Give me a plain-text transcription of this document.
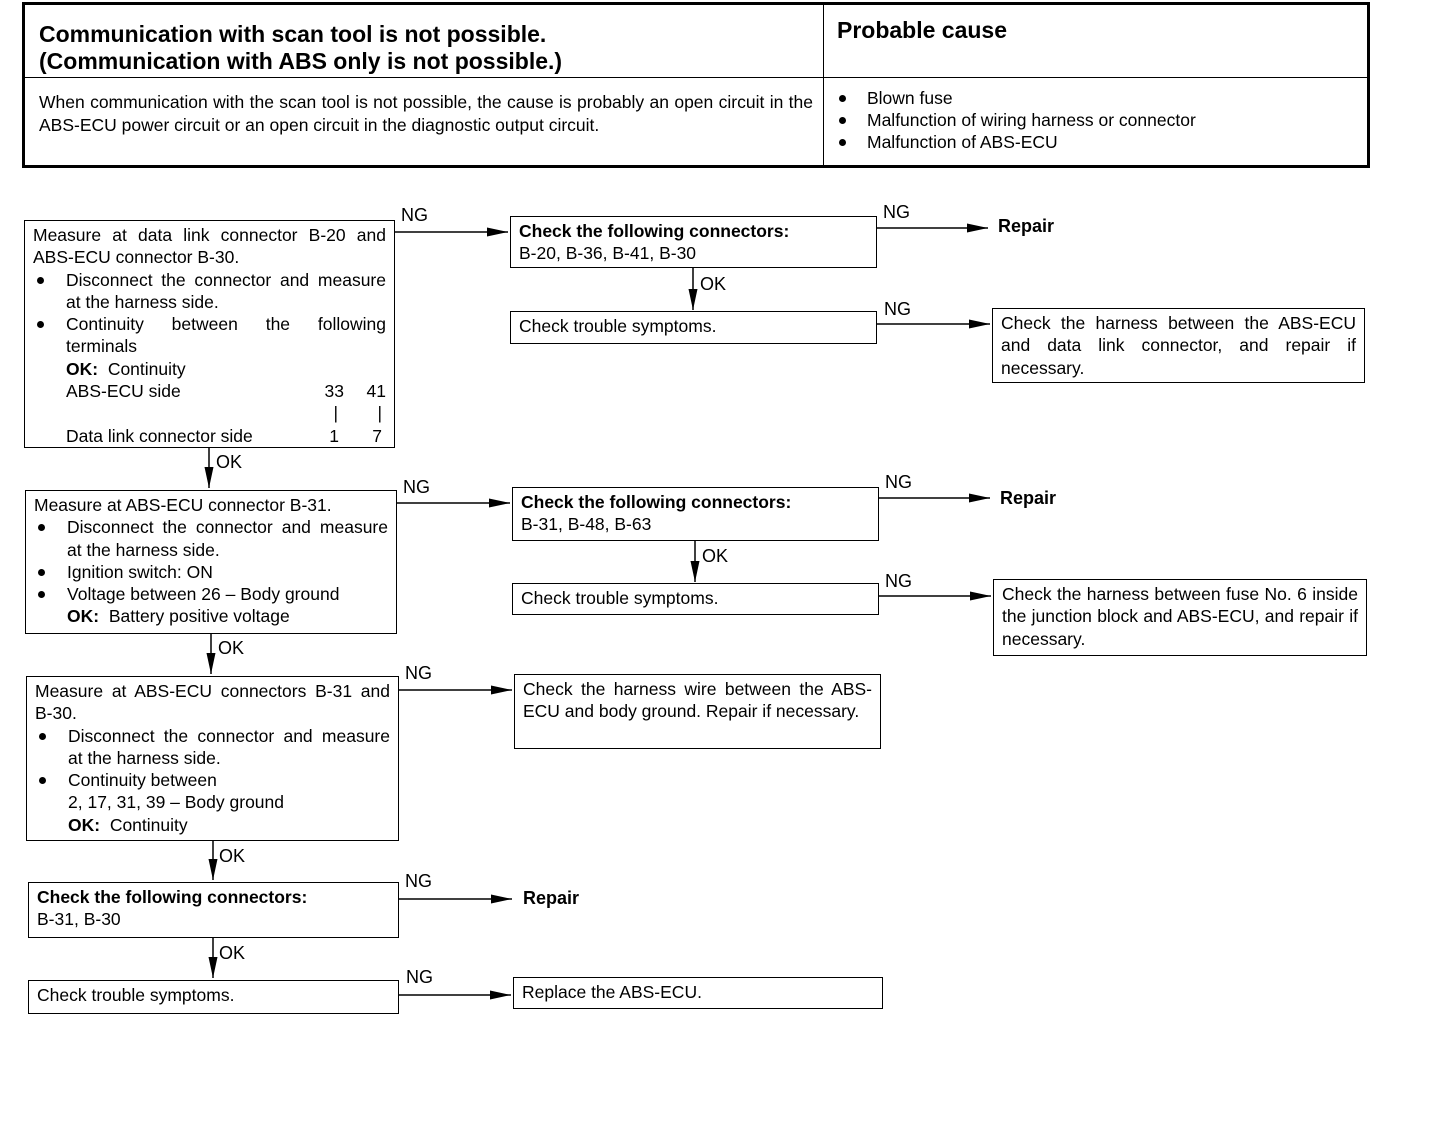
Communication with scan tool is not possible.
(Communication with ABS only is not possible.)
Probable cause
When communication with the scan tool is not possible, the cause is probably an open circuit in the ABS-ECU power circuit or an open circuit in the diagnostic output circuit.
Blown fuse
Malfunction of wiring harness or connector
Malfunction of ABS-ECU
NG	NG
OK
NG
OK
NG	NG
OK
NG
OK
NG
OK
NG
OK
NG
Repair
Repair
Repair

Measure at data link connector B-20 and ABS-ECU connector B-30.

Disconnect the connector and measure at the harness side.
Continuity between the following terminals
OK: Continuity
ABS-ECU side	33	41
|	|
Data link connector side	1	7
Check the following connectors:
B-20, B-36, B-41, B-30
Check trouble symptoms.	Check the harness between the ABS-ECU and data link connector, and repair if necessary.

Measure at ABS-ECU connector B-31.

Disconnect the connector and measure at the harness side.
Ignition switch: ON
Voltage between 26 – Body ground
OK: Battery positive voltage
Check the following connectors:
B-31, B-48, B-63
Check trouble symptoms.	Check the harness between fuse No. 6 inside the junction block and ABS-ECU, and repair if necessary.

Measure at ABS-ECU connectors B-31 and B-30.

Disconnect the connector and measure at the harness side.
Continuity between
2, 17, 31, 39 – Body ground
OK: Continuity

Check the harness wire between the ABS-ECU and body ground. Repair if necessary.

Check the following connectors:
B-31, B-30
Check trouble symptoms.	Replace the ABS-ECU.
